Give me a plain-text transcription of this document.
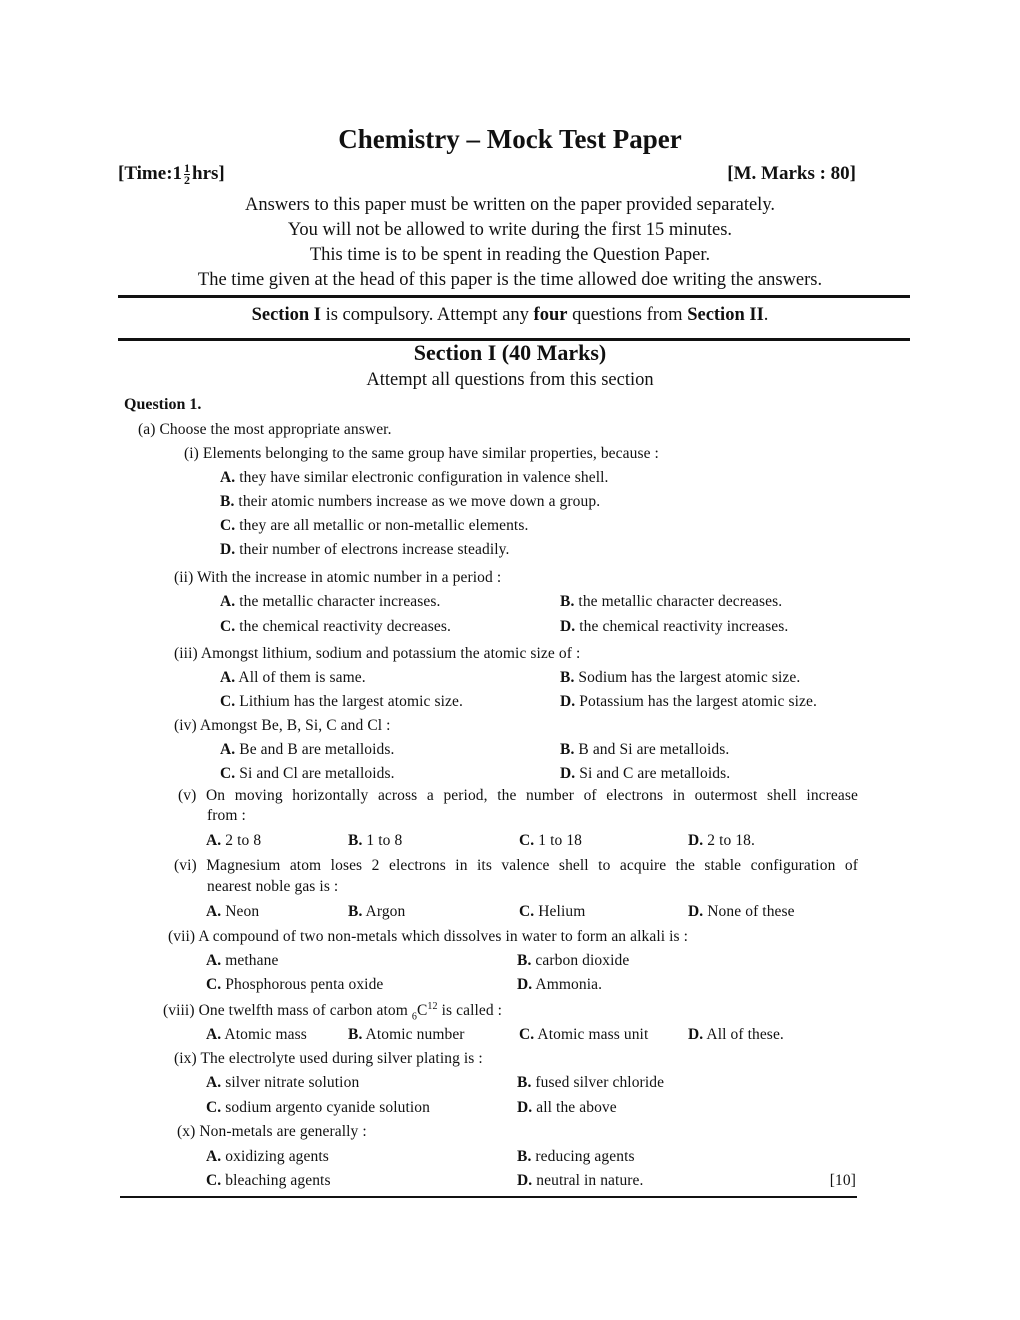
Chemistry – Mock Test Paper
[Time:1 $\frac{1}{2} hrs$]	[M. Marks : 80]
Answers to this paper must be written on the paper provided separately.
You will not be allowed to write during the first 15 minutes.
This time is to be spent in reading the Question Paper.
The time given at the head of this paper is the time allowed doe writing the answers.
Section I is compulsory. Attempt any four questions from Section II.
Section I (40 Marks)
Attempt all questions from this section
Question 1.
(a) Choose the most appropriate answer.
(i) Elements belonging to the same group have similar properties, because :
A. they have similar electronic configuration in valence shell.
B. their atomic numbers increase as we move down a group.
C. they are all metallic or non-metallic elements.
D. their number of electrons increase steadily.
(ii) With the increase in atomic number in a period :
A. the metallic character increases.	B. the metallic character decreases.
C. the chemical reactivity decreases.	D. the chemical reactivity increases.
(iii) Amongst lithium, sodium and potassium the atomic size of :
A. All of them is same.	B. Sodium has the largest atomic size.
C. Lithium has the largest atomic size.	D. Potassium has the largest atomic size.
(iv) Amongst Be, B, Si, C and Cl :
A. Be and B are metalloids.	B. B and Si are metalloids.
C. Si and Cl are metalloids.	D. Si and C are metalloids.
from :
(v) On moving horizontally across a period, the number of electrons in outermost shell increase
A. 2 to 8	B. 1 to 8	C. 1 to 18	D. 2 to 18.
nearest noble gas is :
(vi) Magnesium atom loses 2 electrons in its valence shell to acquire the stable configuration of
A. Neon	B. Argon	C. Helium	D. None of these
(vii) A compound of two non-metals which dissolves in water to form an alkali is :
A. methane	B. carbon dioxide
C. Phosphorous penta oxide	D. Ammonia.
(viii) One twelfth mass of carbon atom $_6C^{12}$ is called :
A. Atomic mass	B. Atomic number	C. Atomic mass unit	D. All of these.
(ix) The electrolyte used during silver plating is :
A. silver nitrate solution	B. fused silver chloride
C. sodium argento cyanide solution	D. all the above
(x) Non-metals are generally :
A. oxidizing agents	B. reducing agents
C. bleaching agents	D. neutral in nature.	[10]
